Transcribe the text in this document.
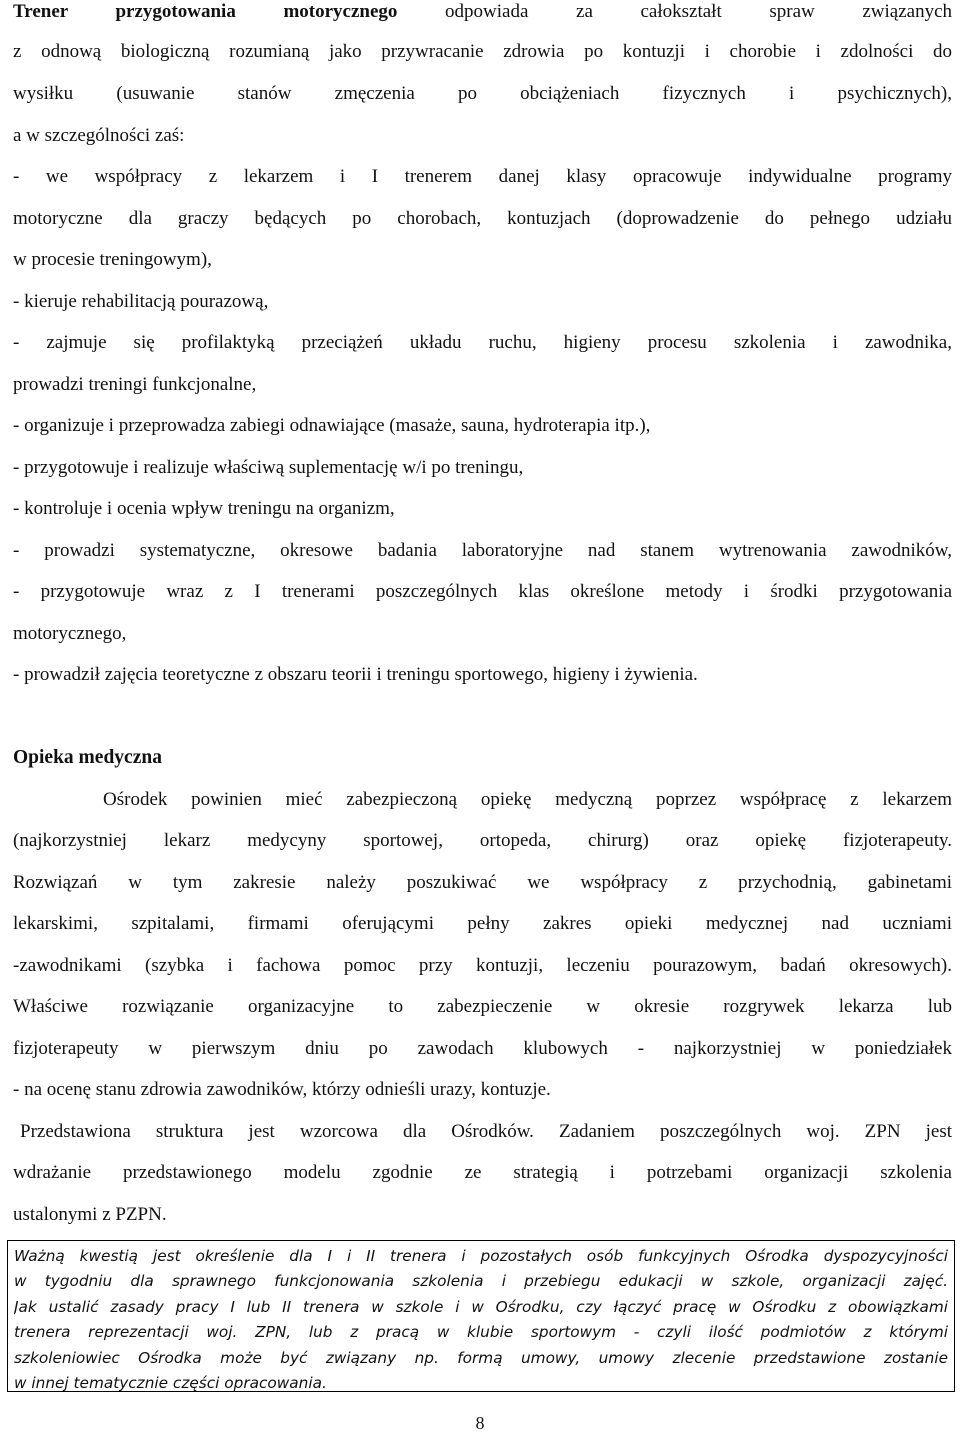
Trener przygotowania motorycznego	odpowiada za całokształt spraw związanych
z odnową biologiczną rozumianą jako przywracanie zdrowia po kontuzji i chorobie i zdolności do
wysiłku (usuwanie stanów zmęczenia po obciążeniach fizycznych i psychicznych),
a w szczególności zaś:
- we współpracy z lekarzem i I trenerem danej klasy opracowuje indywidualne programy
motoryczne dla graczy będących po chorobach, kontuzjach (doprowadzenie do pełnego udziału
w procesie treningowym),
- kieruje rehabilitacją pourazową,
- zajmuje się profilaktyką przeciążeń układu ruchu, higieny procesu szkolenia i zawodnika,
prowadzi treningi funkcjonalne,
- organizuje i przeprowadza zabiegi odnawiające (masaże, sauna, hydroterapia itp.),
- przygotowuje i realizuje właściwą suplementację w/i po treningu,
- kontroluje i ocenia wpływ treningu na organizm,
- prowadzi systematyczne, okresowe badania laboratoryjne nad stanem wytrenowania zawodników,
- przygotowuje wraz z I trenerami poszczególnych klas określone metody i środki przygotowania
motorycznego,
- prowadził zajęcia teoretyczne z obszaru teorii i treningu sportowego, higieny i żywienia.
Opieka medyczna
Ośrodek powinien mieć zabezpieczoną opiekę medyczną poprzez współpracę z lekarzem
(najkorzystniej lekarz medycyny sportowej, ortopeda, chirurg) oraz opiekę fizjoterapeuty.
Rozwiązań w tym zakresie należy poszukiwać we współpracy z przychodnią, gabinetami
lekarskimi, szpitalami, firmami oferującymi pełny zakres opieki medycznej nad uczniami
-zawodnikami (szybka i fachowa pomoc przy kontuzji, leczeniu pourazowym, badań okresowych).
Właściwe rozwiązanie organizacyjne to zabezpieczenie w okresie rozgrywek lekarza lub
fizjoterapeuty w pierwszym dniu po zawodach klubowych - najkorzystniej w poniedziałek
- na ocenę stanu zdrowia zawodników, którzy odnieśli urazy, kontuzje.
Przedstawiona struktura jest wzorcowa dla Ośrodków. Zadaniem poszczególnych woj. ZPN jest
wdrażanie przedstawionego modelu zgodnie ze strategią i potrzebami organizacji szkolenia
ustalonymi z PZPN.
Ważną kwestią jest określenie dla I i II trenera i pozostałych osób funkcyjnych Ośrodka dyspozycyjności
w tygodniu dla sprawnego funkcjonowania szkolenia i przebiegu edukacji w szkole, organizacji zajęć.
Jak ustalić zasady pracy I lub II trenera w szkole i w Ośrodku, czy łączyć pracę w Ośrodku z obowiązkami
trenera reprezentacji woj. ZPN, lub z pracą w klubie sportowym - czyli ilość podmiotów z którymi
szkoleniowiec Ośrodka może być związany np. formą umowy, umowy zlecenie przedstawione zostanie
w innej tematycznie części opracowania.
8
